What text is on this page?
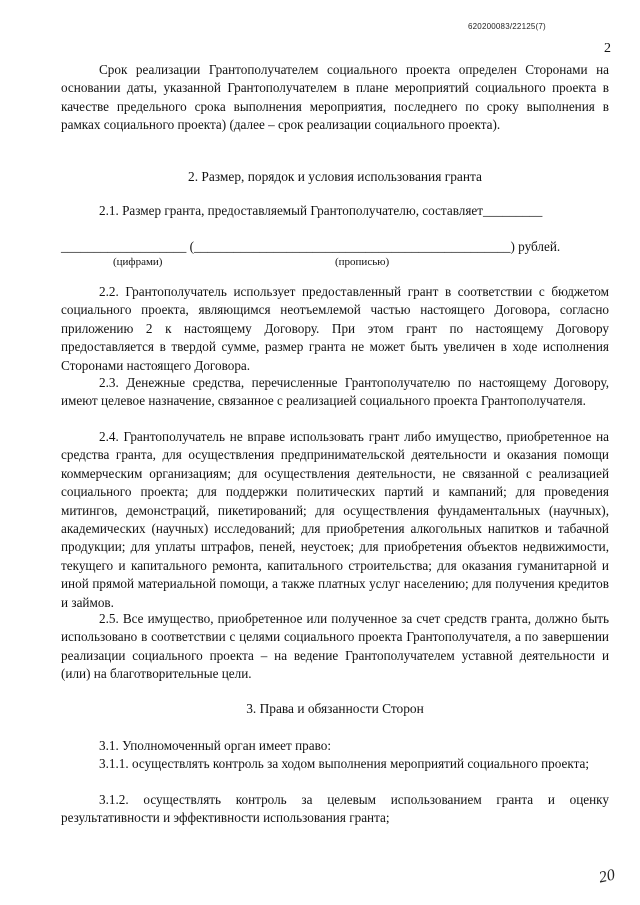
620200083/22125(7)
2

Срок реализации Грантополучателем социального проекта определен Сторонами на основании даты, указанной Грантополучателем в плане мероприятий социального проекта в качестве предельного срока выполнения мероприятия, последнего по сроку выполнения в рамках социального проекта) (далее – срок реализации социального проекта).

2. Размер, порядок и условия использования гранта

2.1. Размер гранта, предоставляемый Грантополучателю, составляет_________
___________________ (________________________________________________) рублей.
(цифрами)	(прописью)

2.2. Грантополучатель использует предоставленный грант в соответствии с бюджетом социального проекта, являющимся неотъемлемой частью настоящего Договора, согласно приложению 2 к настоящему Договору. При этом грант по настоящему Договору предоставляется в твердой сумме, размер гранта не может быть увеличен в ходе исполнения Сторонами настоящего Договора.

2.3. Денежные средства, перечисленные Грантополучателю по настоящему Договору, имеют целевое назначение, связанное с реализацией социального проекта Грантополучателя.

2.4. Грантополучатель не вправе использовать грант либо имущество, приобретенное на средства гранта, для осуществления предпринимательской деятельности и оказания помощи коммерческим организациям; для осуществления деятельности, не связанной с реализацией социального проекта; для поддержки политических партий и кампаний; для проведения митингов, демонстраций, пикетирований; для осуществления фундаментальных (научных), академических (научных) исследований; для приобретения алкогольных напитков и табачной продукции; для уплаты штрафов, пеней, неустоек; для приобретения объектов недвижимости, текущего и капитального ремонта, капитального строительства; для оказания гуманитарной и иной прямой материальной помощи, а также платных услуг населению; для получения кредитов и займов.

2.5. Все имущество, приобретенное или полученное за счет средств гранта, должно быть использовано в соответствии с целями социального проекта Грантополучателя, а по завершении реализации социального проекта – на ведение Грантополучателем уставной деятельности и (или) на благотворительные цели.

3. Права и обязанности Сторон

3.1. Уполномоченный орган имеет право:

3.1.1. осуществлять контроль за ходом выполнения мероприятий социального проекта;

3.1.2. осуществлять контроль за целевым использованием гранта и оценку результативности и эффективности использования гранта;

20
